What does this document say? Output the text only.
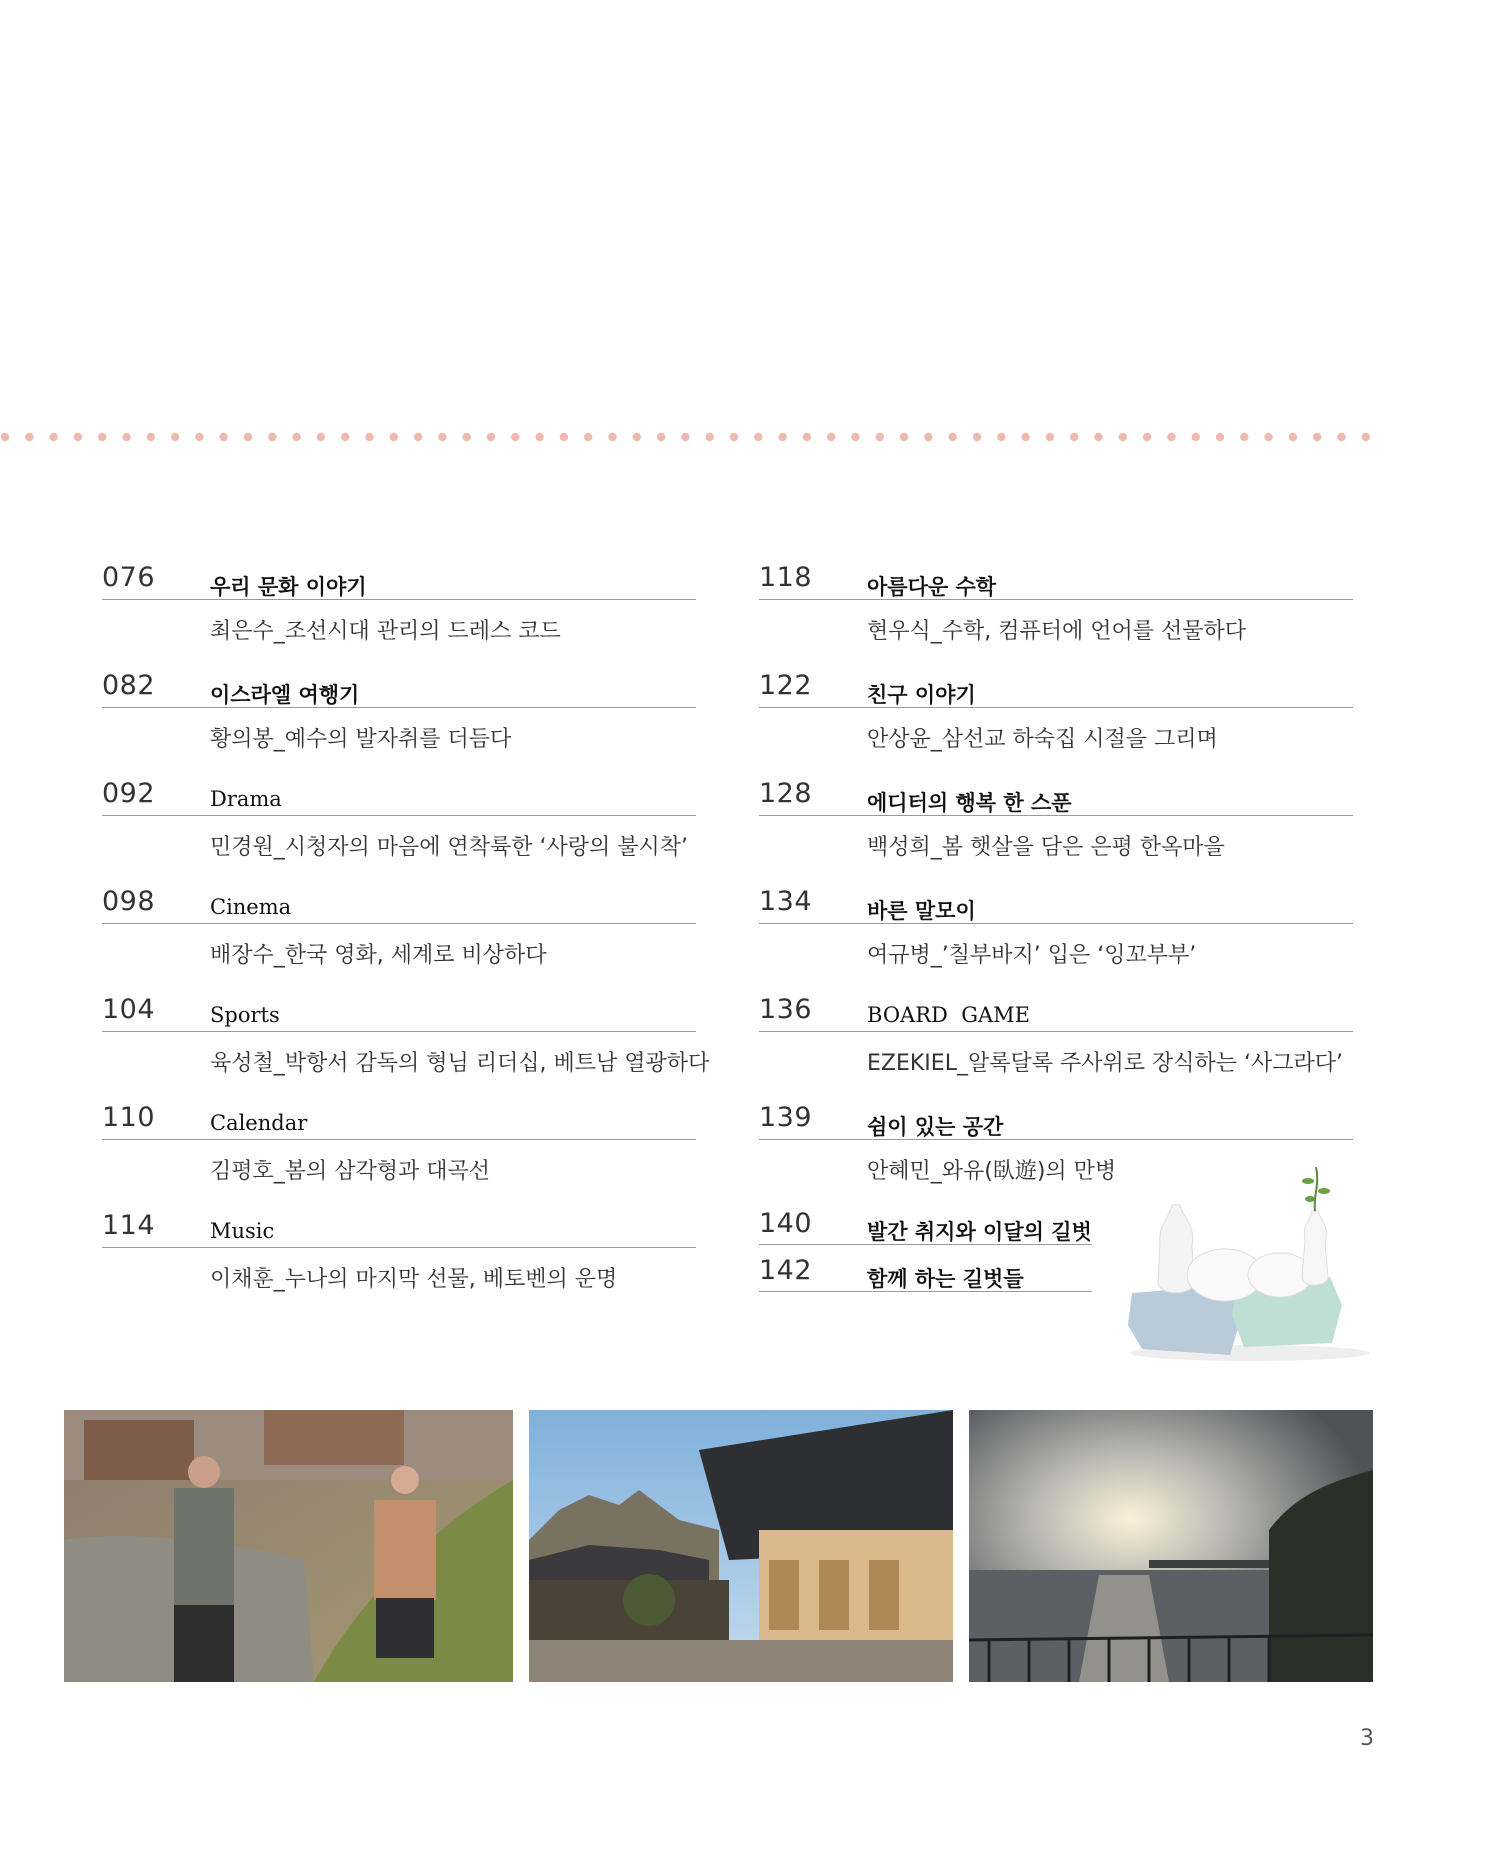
076	우리 문화 이야기
최은수_조선시대 관리의 드레스 코드
082	이스라엘 여행기
황의봉_예수의 발자취를 더듬다
092	Drama
민경원_시청자의 마음에 연착륙한 ‘사랑의 불시착’
098	Cinema
배장수_한국 영화, 세계로 비상하다
104	Sports
육성철_박항서 감독의 형님 리더십, 베트남 열광하다
110	Calendar
김평호_봄의 삼각형과 대곡선
114	Music
이채훈_누나의 마지막 선물, 베토벤의 운명
118	아름다운 수학
현우식_수학, 컴퓨터에 언어를 선물하다
122	친구 이야기
안상윤_삼선교 하숙집 시절을 그리며
128	에디터의 행복 한 스푼
백성희_봄 햇살을 담은 은평 한옥마을
134	바른 말모이
여규병_’칠부바지’ 입은 ‘잉꼬부부’
136	BOARD  GAME
EZEKIEL_알록달록 주사위로 장식하는 ‘사그라다’
139	쉼이 있는 공간
안혜민_와유(臥遊)의 만병
140	발간 취지와 이달의 길벗
142	함께 하는 길벗들
3
